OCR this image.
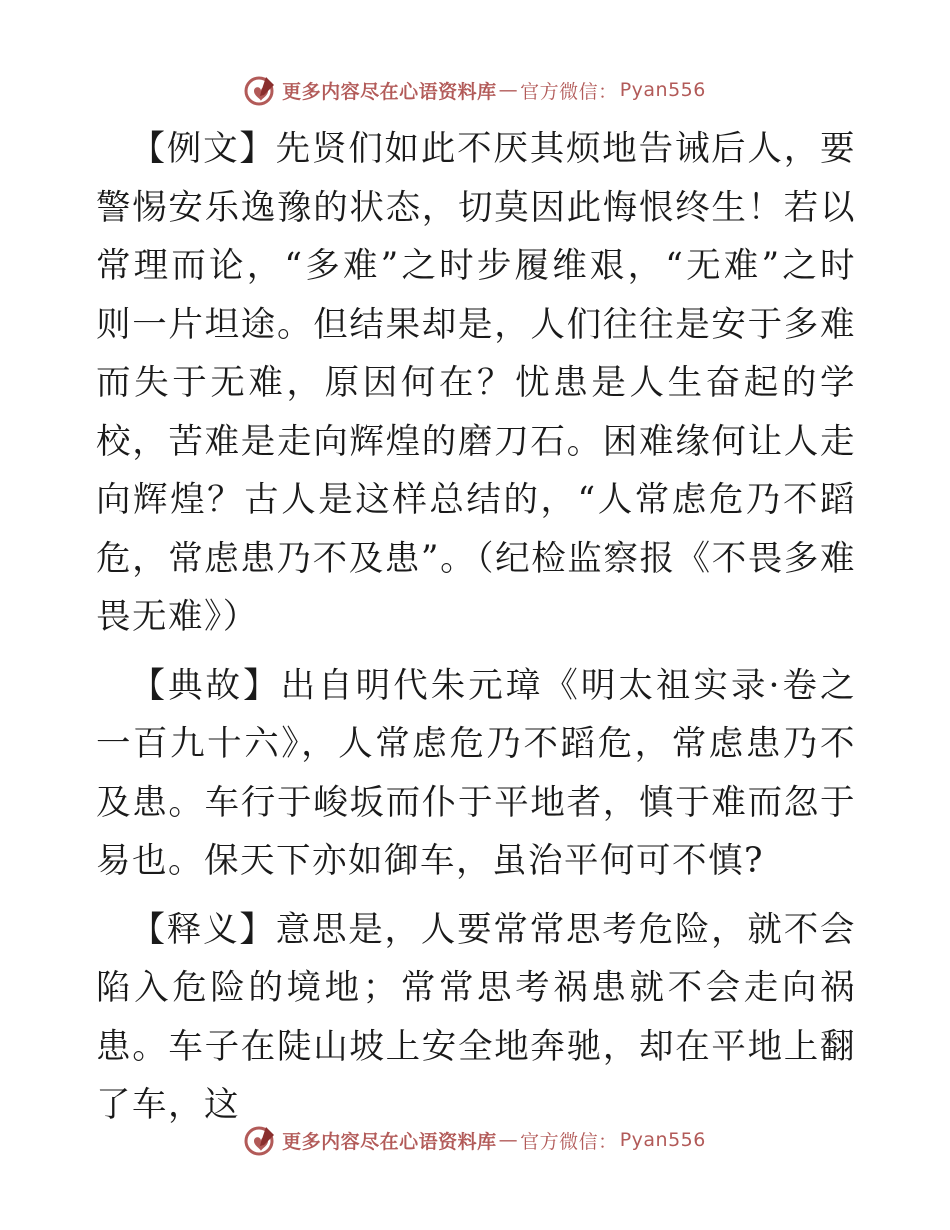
更多内容尽在心语资料库 — 官方微信： Pyan556

【例文】先贤们如此不厌其烦地告诫后人，要警惕安乐逸豫的状态，切莫因此悔恨终生！若以常理而论，“多难”之时步履维艰，“无难”之时则一片坦途。但结果却是，人们往往是安于多难而失于无难，原因何在？忧患是人生奋起的学校，苦难是走向辉煌的磨刀石。困难缘何让人走向辉煌？古人是这样总结的，“人常虑危乃不蹈危，常虑患乃不及患”。（纪检监察报《不畏多难畏无难》）

【典故】出自明代朱元璋《明太祖实录·卷之一百九十六》，人常虑危乃不蹈危，常虑患乃不及患。车行于峻坂而仆于平地者，慎于难而忽于易也。保天下亦如御车，虽治平何可不慎?

【释义】意思是，人要常常思考危险，就不会陷入危险的境地；常常思考祸患就不会走向祸患。车子在陡山坡上安全地奔驰，却在平地上翻了车，这

更多内容尽在心语资料库 — 官方微信： Pyan556
